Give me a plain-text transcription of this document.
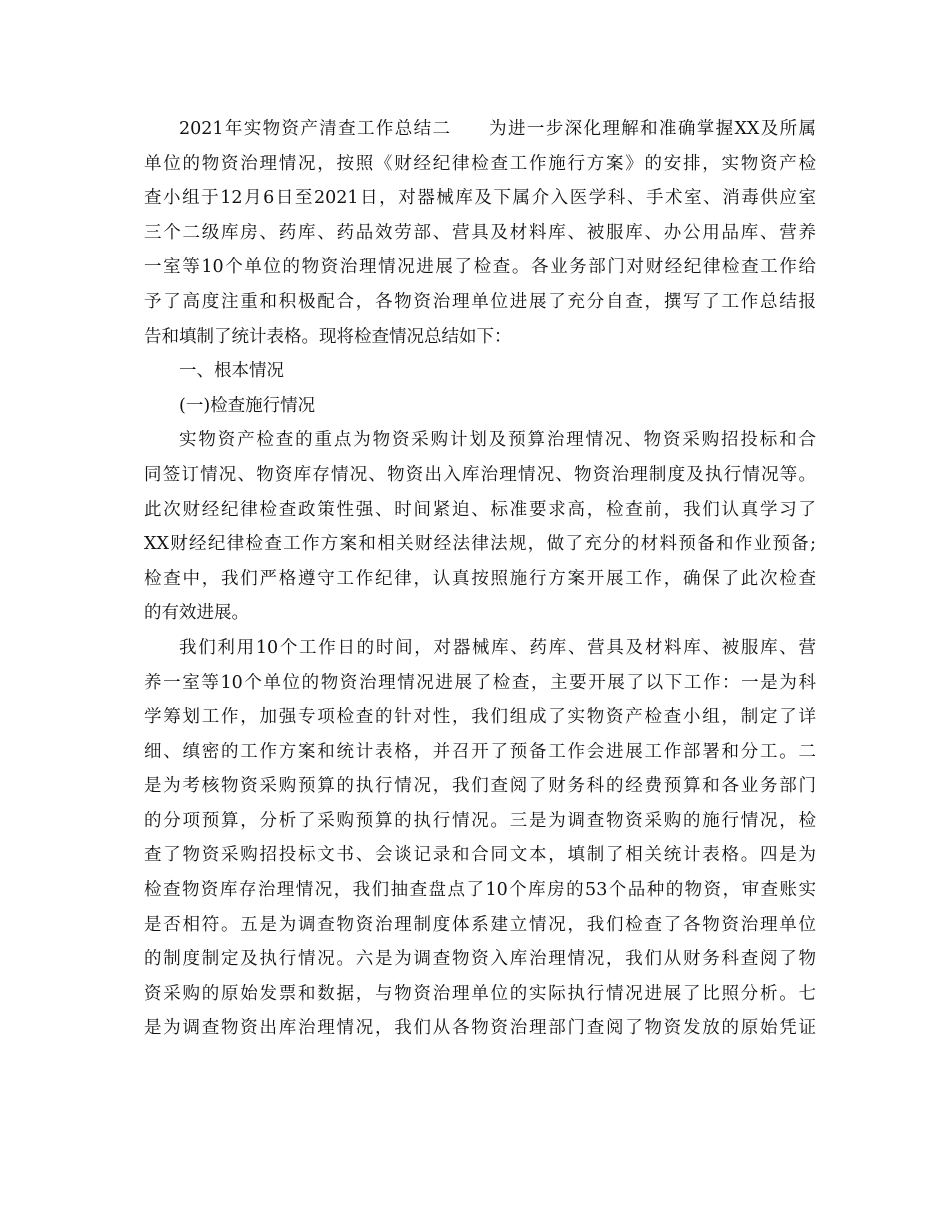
2021年实物资产清查工作总结二　　为进一步深化理解和准确掌握XX及所属
单位的物资治理情况，按照《财经纪律检查工作施行方案》的安排，实物资产检
查小组于12月6日至2021日，对器械库及下属介入医学科、手术室、消毒供应室
三个二级库房、药库、药品效劳部、营具及材料库、被服库、办公用品库、营养
一室等10个单位的物资治理情况进展了检查。各业务部门对财经纪律检查工作给
予了高度注重和积极配合，各物资治理单位进展了充分自查，撰写了工作总结报
告和填制了统计表格。现将检查情况总结如下：
一、根本情况
(一)检查施行情况
实物资产检查的重点为物资采购计划及预算治理情况、物资采购招投标和合
同签订情况、物资库存情况、物资出入库治理情况、物资治理制度及执行情况等。
此次财经纪律检查政策性强、时间紧迫、标准要求高，检查前，我们认真学习了
XX财经纪律检查工作方案和相关财经法律法规，做了充分的材料预备和作业预备;
检查中，我们严格遵守工作纪律，认真按照施行方案开展工作，确保了此次检查
的有效进展。
我们利用10个工作日的时间，对器械库、药库、营具及材料库、被服库、营
养一室等10个单位的物资治理情况进展了检查，主要开展了以下工作：一是为科
学筹划工作，加强专项检查的针对性，我们组成了实物资产检查小组，制定了详
细、缜密的工作方案和统计表格，并召开了预备工作会进展工作部署和分工。二
是为考核物资采购预算的执行情况，我们查阅了财务科的经费预算和各业务部门
的分项预算，分析了采购预算的执行情况。三是为调查物资采购的施行情况，检
查了物资采购招投标文书、会谈记录和合同文本，填制了相关统计表格。四是为
检查物资库存治理情况，我们抽查盘点了10个库房的53个品种的物资，审查账实
是否相符。五是为调查物资治理制度体系建立情况，我们检查了各物资治理单位
的制度制定及执行情况。六是为调查物资入库治理情况，我们从财务科查阅了物
资采购的原始发票和数据，与物资治理单位的实际执行情况进展了比照分析。七
是为调查物资出库治理情况，我们从各物资治理部门查阅了物资发放的原始凭证
